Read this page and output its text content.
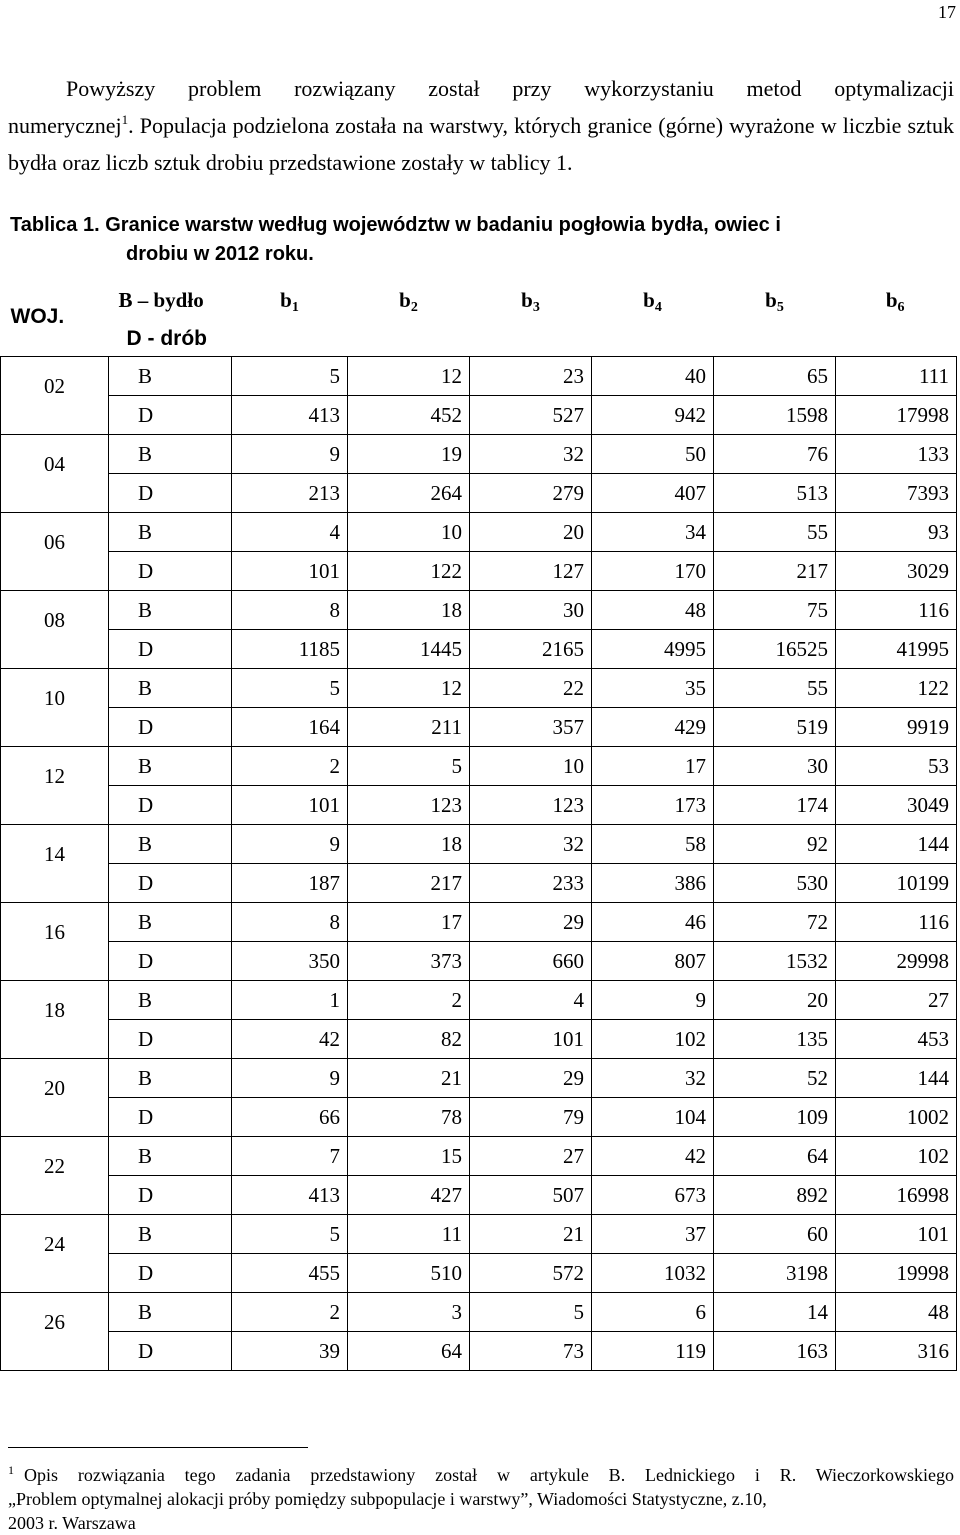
17
Powyższy problem rozwiązany został przy wykorzystaniu metod optymalizacji
numerycznej$^1$. Populacja podzielona została na warstwy, których granice (górne) wyrażone w liczbie sztuk bydła oraz liczb sztuk drobiu przedstawione zostały w tablicy 1.
Tablica 1. Granice warstw według województw w badaniu pogłowia bydła, owiec i
drobiu w 2012 roku.
WOJ.	B – bydło	$b_1$	$b_2$	$b_3$	$b_4$	$b_5$	$b_6$
	D - drób						
02	B	5	12	23	40	65	111
	D	413	452	527	942	1598	17998
04	B	9	19	32	50	76	133
	D	213	264	279	407	513	7393
06	B	4	10	20	34	55	93
	D	101	122	127	170	217	3029
08	B	8	18	30	48	75	116
	D	1185	1445	2165	4995	16525	41995
10	B	5	12	22	35	55	122
	D	164	211	357	429	519	9919
12	B	2	5	10	17	30	53
	D	101	123	123	173	174	3049
14	B	9	18	32	58	92	144
	D	187	217	233	386	530	10199
16	B	8	17	29	46	72	116
	D	350	373	660	807	1532	29998
18	B	1	2	4	9	20	27
	D	42	82	101	102	135	453
20	B	9	21	29	32	52	144
	D	66	78	79	104	109	1002
22	B	7	15	27	42	64	102
	D	413	427	507	673	892	16998
24	B	5	11	21	37	60	101
	D	455	510	572	1032	3198	19998
26	B	2	3	5	6	14	48
	D	39	64	73	119	163	316
$^1$ Opis rozwiązania tego zadania przedstawiony został w artykule B. Lednickiego i R. Wieczorkowskiego
„Problem optymalnej alokacji próby pomiędzy subpopulacje i warstwy”, Wiadomości Statystyczne, z.10,
2003 r. Warszawa
